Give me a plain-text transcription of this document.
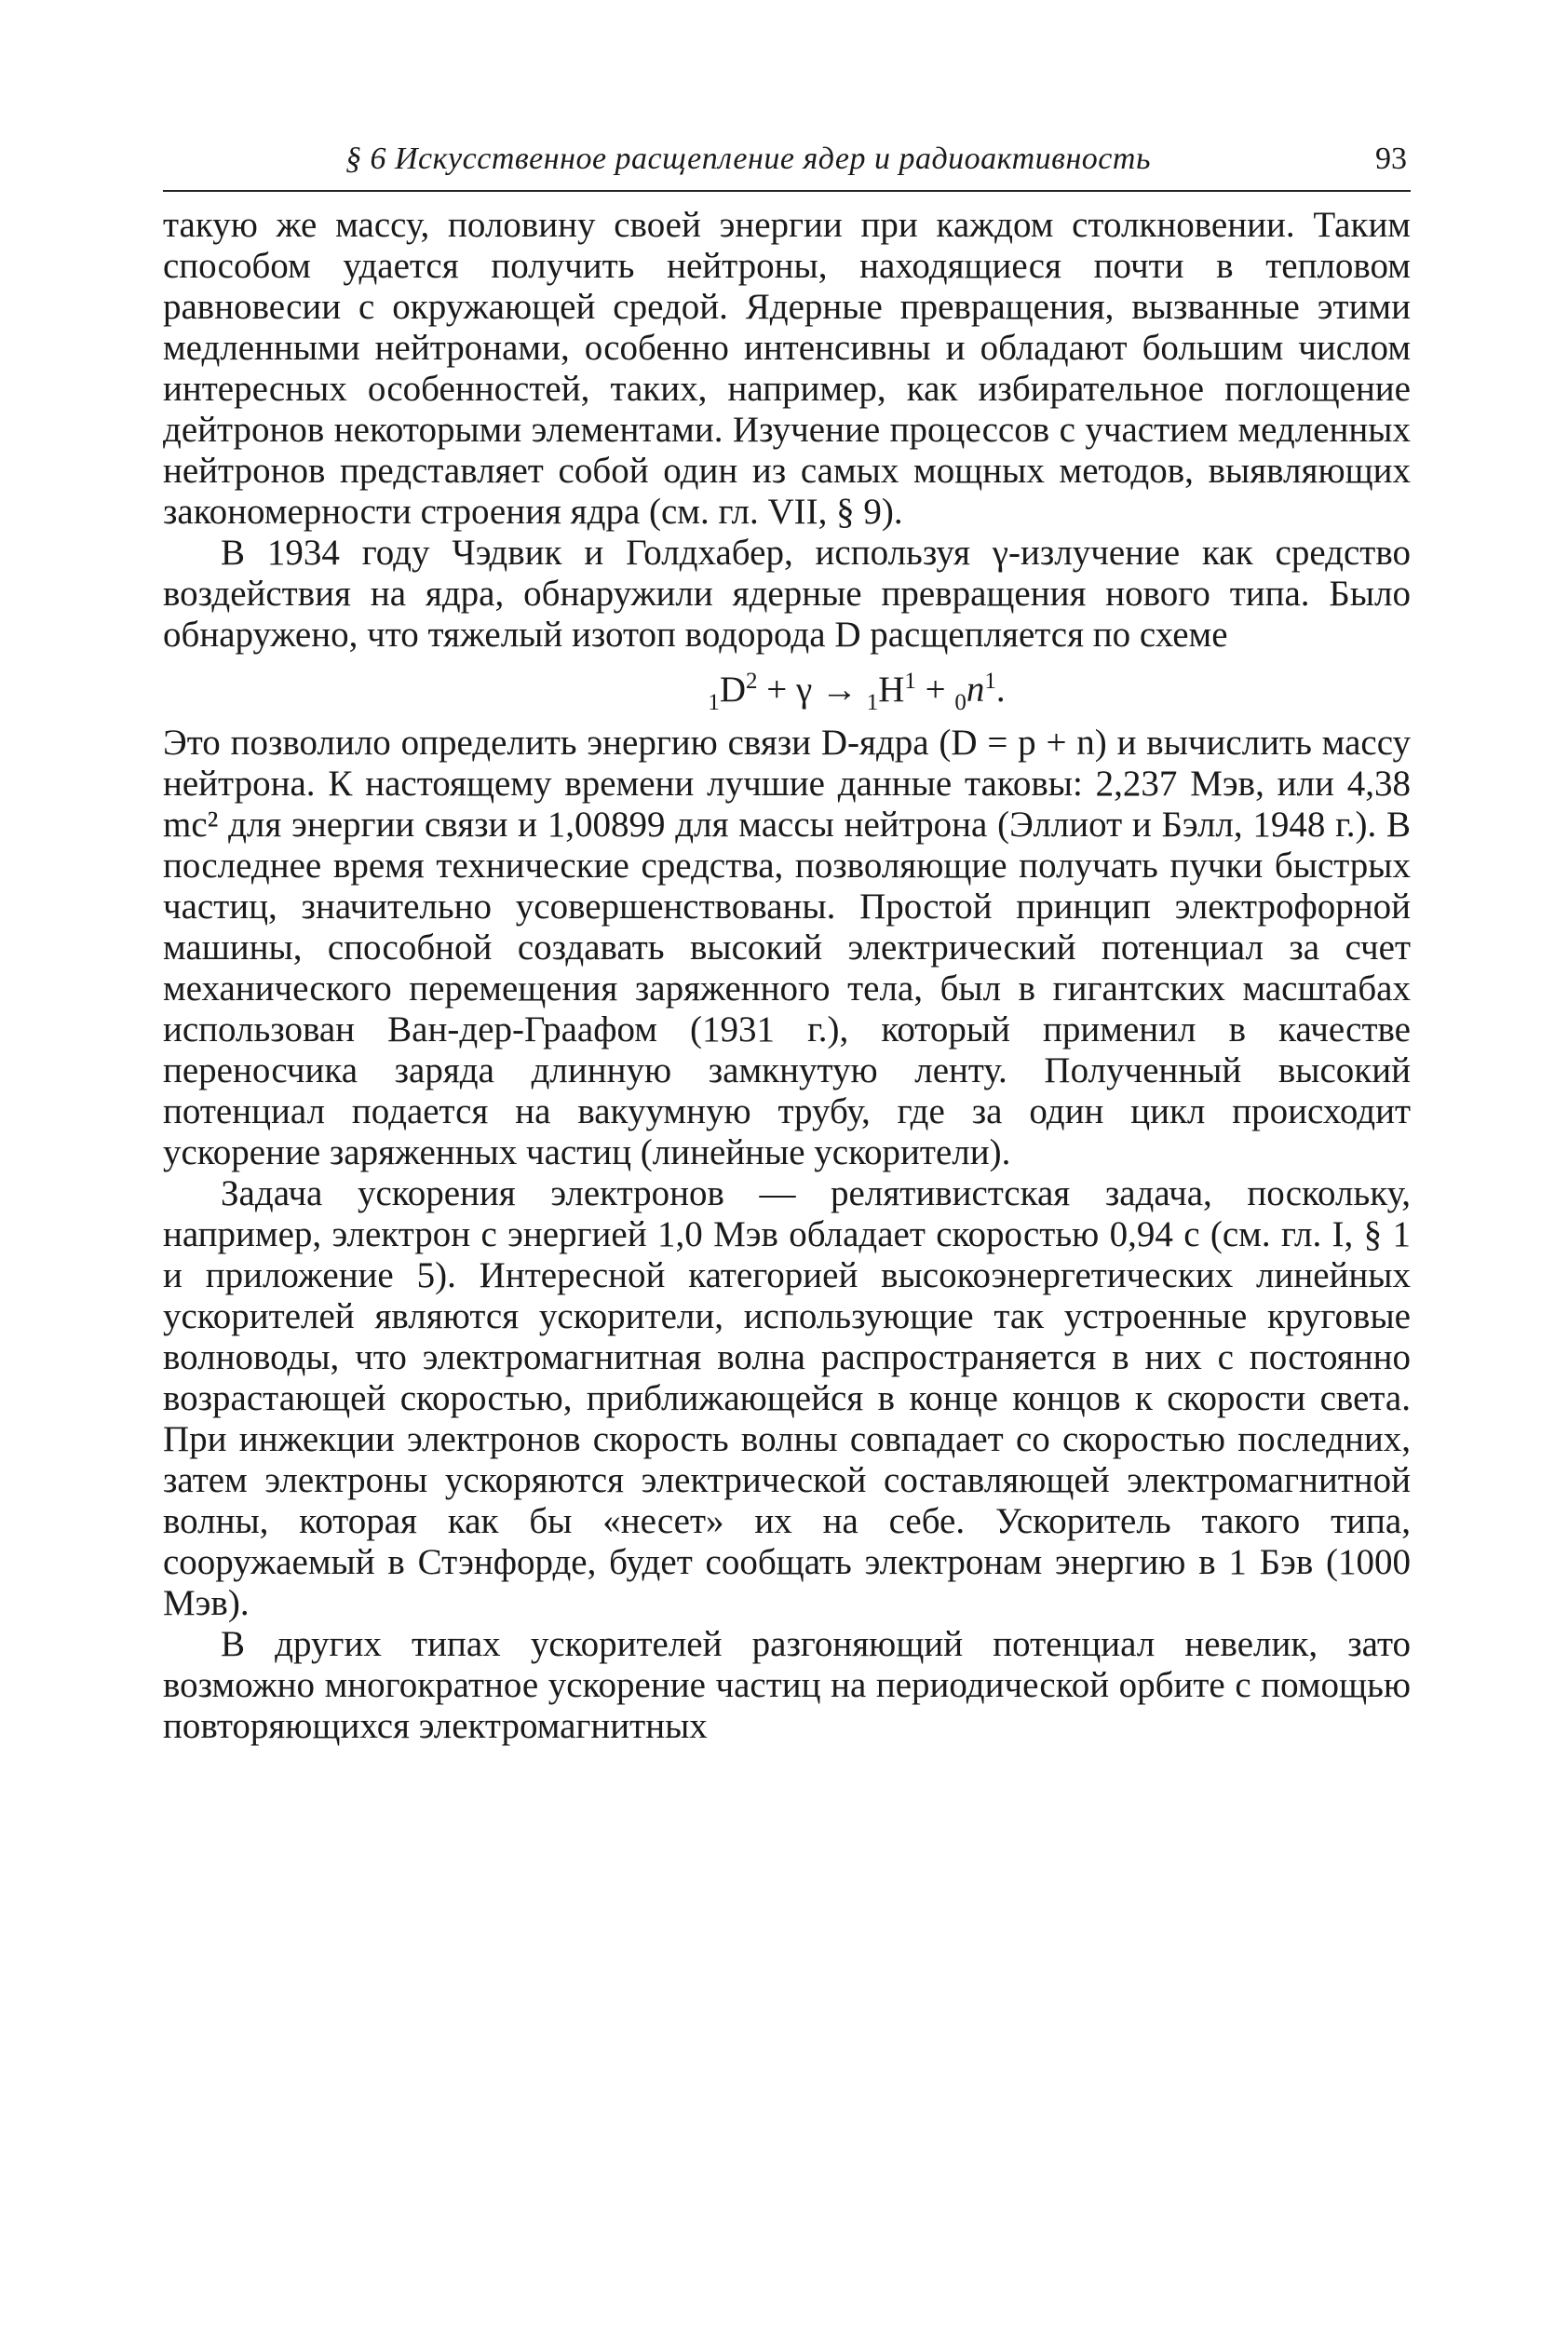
§ 6 Искусственное расщепление ядер и радиоактивность	93

такую же массу, половину своей энергии при каждом столкновении. Таким способом удается получить нейтроны, находящиеся почти в тепловом равновесии с окружающей средой. Ядерные превращения, вызванные этими медленными нейтронами, особенно интенсивны и обладают большим числом интересных особенностей, таких, например, как избирательное поглощение дейтронов некоторыми элементами. Изучение процессов с участием медленных нейтронов представляет собой один из самых мощных методов, выявляющих закономерности строения ядра (см. гл. VII, § 9).

В 1934 году Чэдвик и Голдхабер, используя γ-излучение как средство воздействия на ядра, обнаружили ядерные превращения нового типа. Было обнаружено, что тяжелый изотоп водорода D расщепляется по схеме

$_1D^2 + \gamma \to _1H^1 + _0n^1$.

Это позволило определить энергию связи D-ядра (D = p + n) и вычислить массу нейтрона. К настоящему времени лучшие данные таковы: 2,237 Мэв, или 4,38 mc² для энергии связи и 1,00899 для массы нейтрона (Эллиот и Бэлл, 1948 г.). В последнее время технические средства, позволяющие получать пучки быстрых частиц, значительно усовершенствованы. Простой принцип электрофорной машины, способной создавать высокий электрический потенциал за счет механического перемещения заряженного тела, был в гигантских масштабах использован Ван-дер-Граафом (1931 г.), который применил в качестве переносчика заряда длинную замкнутую ленту. Полученный высокий потенциал подается на вакуумную трубу, где за один цикл происходит ускорение заряженных частиц (линейные ускорители).

Задача ускорения электронов — релятивистская задача, поскольку, например, электрон с энергией 1,0 Мэв обладает скоростью 0,94 c (см. гл. I, § 1 и приложение 5). Интересной категорией высокоэнергетических линейных ускорителей являются ускорители, использующие так устроенные круговые волноводы, что электромагнитная волна распространяется в них с постоянно возрастающей скоростью, приближающейся в конце концов к скорости света. При инжекции электронов скорость волны совпадает со скоростью последних, затем электроны ускоряются электрической составляющей электромагнитной волны, которая как бы «несет» их на себе. Ускоритель такого типа, сооружаемый в Стэнфорде, будет сообщать электронам энергию в 1 Бэв (1000 Мэв).

В других типах ускорителей разгоняющий потенциал невелик, зато возможно многократное ускорение частиц на периодической орбите с помощью повторяющихся электромагнитных
